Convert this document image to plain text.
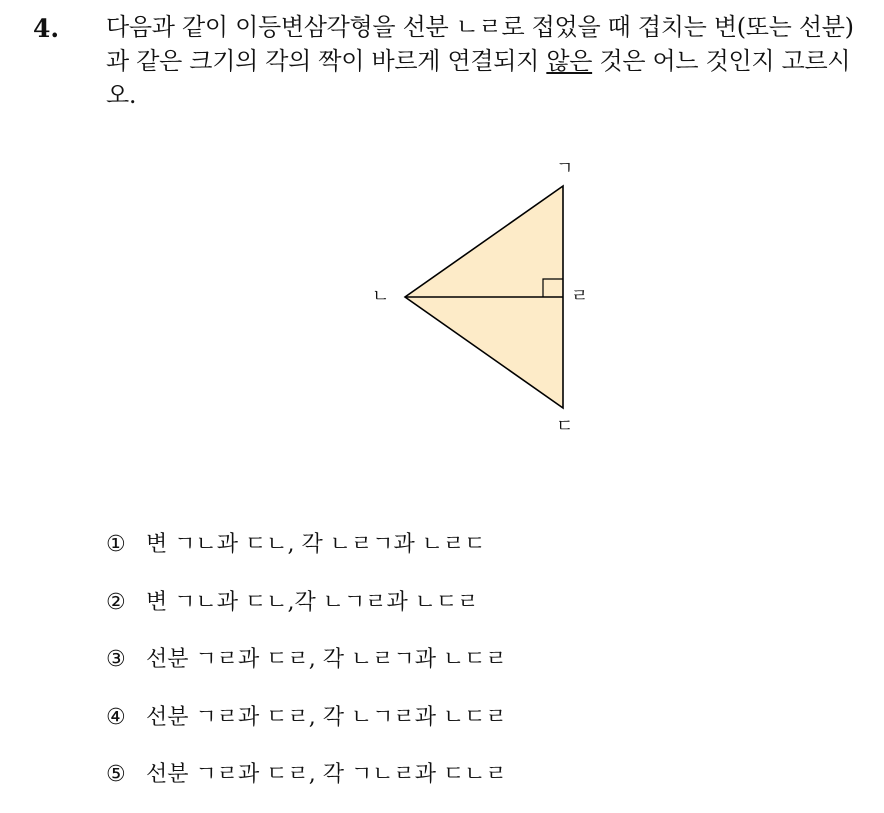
4. 다음과 같이 이등변삼각형을 선분 ㄴㄹ로 접었을 때 겹치는 변(또는 선분)과 같은 크기의 각의 짝이 바르게 연결되지 않은 것은 어느 것인지 고르시오.
ㄱ
ㄴ	ㄹ
ㄷ
① 변 ㄱㄴ과 ㄷㄴ, 각 ㄴㄹㄱ과 ㄴㄹㄷ
② 변 ㄱㄴ과 ㄷㄴ,각 ㄴㄱㄹ과 ㄴㄷㄹ
③ 선분 ㄱㄹ과 ㄷㄹ, 각 ㄴㄹㄱ과 ㄴㄷㄹ
④ 선분 ㄱㄹ과 ㄷㄹ, 각 ㄴㄱㄹ과 ㄴㄷㄹ
⑤ 선분 ㄱㄹ과 ㄷㄹ, 각 ㄱㄴㄹ과 ㄷㄴㄹ
